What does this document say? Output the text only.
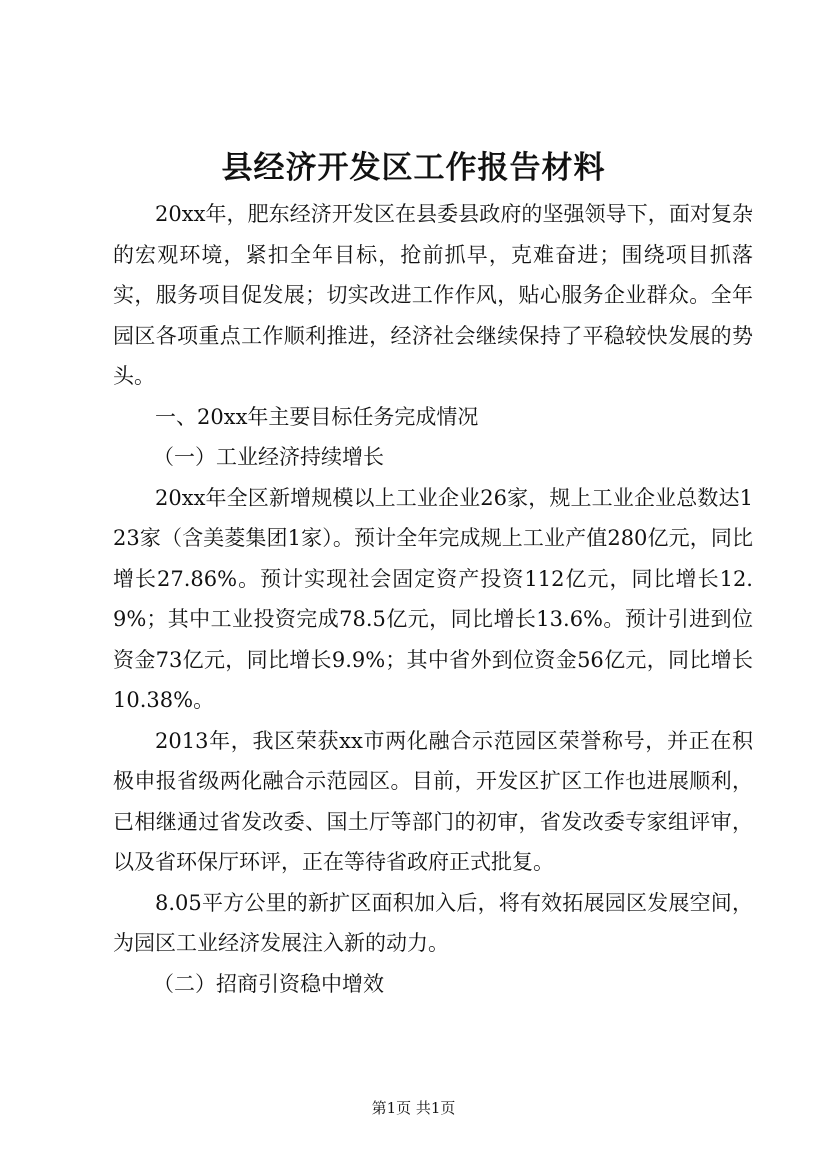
县经济开发区工作报告材料

20xx年，肥东经济开发区在县委县政府的坚强领导下，面对复杂的宏观环境，紧扣全年目标，抢前抓早，克难奋进；围绕项目抓落实，服务项目促发展；切实改进工作作风，贴心服务企业群众。全年园区各项重点工作顺利推进，经济社会继续保持了平稳较快发展的势头。

一、20xx年主要目标任务完成情况

（一）工业经济持续增长

20xx年全区新增规模以上工业企业26家，规上工业企业总数达123家（含美菱集团1家）。预计全年完成规上工业产值280亿元，同比增长27.86%。预计实现社会固定资产投资112亿元，同比增长12.9%；其中工业投资完成78.5亿元，同比增长13.6%。预计引进到位资金73亿元，同比增长9.9%；其中省外到位资金56亿元，同比增长10.38%。

2013年，我区荣获xx市两化融合示范园区荣誉称号，并正在积极申报省级两化融合示范园区。目前，开发区扩区工作也进展顺利，已相继通过省发改委、国土厅等部门的初审，省发改委专家组评审，以及省环保厅环评，正在等待省政府正式批复。

8.05平方公里的新扩区面积加入后，将有效拓展园区发展空间，为园区工业经济发展注入新的动力。

（二）招商引资稳中增效

第1页 共1页
